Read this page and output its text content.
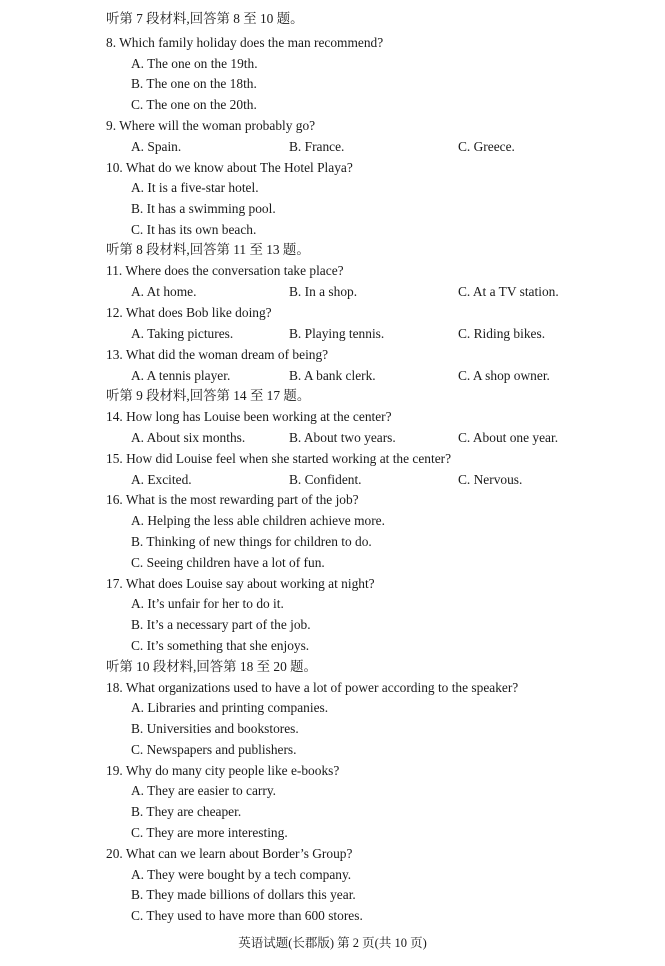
听第 7 段材料,回答第 8 至 10 题。
8. Which family holiday does the man recommend?
A. The one on the 19th.
B. The one on the 18th.
C. The one on the 20th.
9. Where will the woman probably go?
A. Spain.	B. France.	C. Greece.
10. What do we know about The Hotel Playa?
A. It is a five-star hotel.
B. It has a swimming pool.
C. It has its own beach.
听第 8 段材料,回答第 11 至 13 题。
11. Where does the conversation take place?
A. At home.	B. In a shop.	C. At a TV station.
12. What does Bob like doing?
A. Taking pictures.	B. Playing tennis.	C. Riding bikes.
13. What did the woman dream of being?
A. A tennis player.	B. A bank clerk.	C. A shop owner.
听第 9 段材料,回答第 14 至 17 题。
14. How long has Louise been working at the center?
A. About six months.	B. About two years.	C. About one year.
15. How did Louise feel when she started working at the center?
A. Excited.	B. Confident.	C. Nervous.
16. What is the most rewarding part of the job?
A. Helping the less able children achieve more.
B. Thinking of new things for children to do.
C. Seeing children have a lot of fun.
17. What does Louise say about working at night?
A. It’s unfair for her to do it.
B. It’s a necessary part of the job.
C. It’s something that she enjoys.
听第 10 段材料,回答第 18 至 20 题。
18. What organizations used to have a lot of power according to the speaker?
A. Libraries and printing companies.
B. Universities and bookstores.
C. Newspapers and publishers.
19. Why do many city people like e-books?
A. They are easier to carry.
B. They are cheaper.
C. They are more interesting.
20. What can we learn about Border’s Group?
A. They were bought by a tech company.
B. They made billions of dollars this year.
C. They used to have more than 600 stores.
英语试题(长郡版) 第 2 页(共 10 页)
